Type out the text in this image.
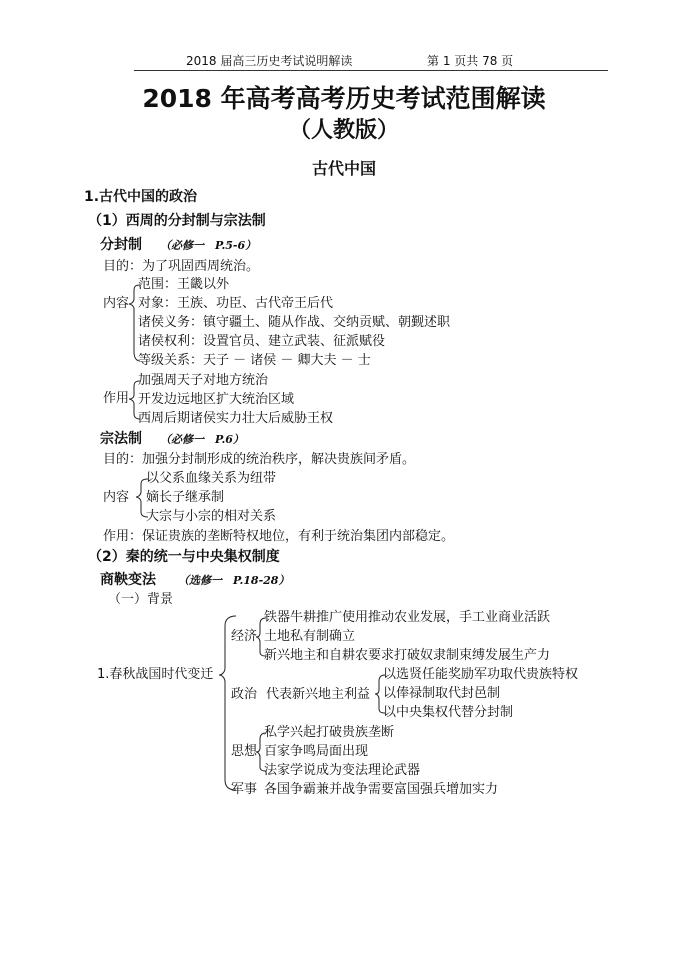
2018 届高三历史考试说明解读	第 1 页共 78 页
2018 年高考高考历史考试范围解读
（人教版）
古代中国
1.古代中国的政治
（1）西周的分封制与宗法制
分封制 （必修一　P.5-6）
目的：为了巩固西周统治。
内容
范围：王畿以外
对象：王族、功臣、古代帝王后代
诸侯义务：镇守疆土、随从作战、交纳贡赋、朝觐述职
诸侯权利：设置官员、建立武装、征派赋役
等级关系：天子 － 诸侯 － 卿大夫 － 士
作用
加强周天子对地方统治
开发边远地区扩大统治区域
西周后期诸侯实力壮大后威胁王权
宗法制 （必修一　P.6）
目的：加强分封制形成的统治秩序，解决贵族间矛盾。
内容
以父系血缘关系为纽带
嫡长子继承制
大宗与小宗的相对关系
作用：保证贵族的垄断特权地位，有利于统治集团内部稳定。
（2）秦的统一与中央集权制度
商鞅变法 （选修一　P.18-28）
（一）背景
1.春秋战国时代变迁
经济
铁器牛耕推广使用推动农业发展，手工业商业活跃
土地私有制确立
新兴地主和自耕农要求打破奴隶制束缚发展生产力
政治 代表新兴地主利益
以选贤任能奖励军功取代贵族特权
以俸禄制取代封邑制
以中央集权代替分封制
思想
私学兴起打破贵族垄断
百家争鸣局面出现
法家学说成为变法理论武器
军事 各国争霸兼并战争需要富国强兵增加实力
